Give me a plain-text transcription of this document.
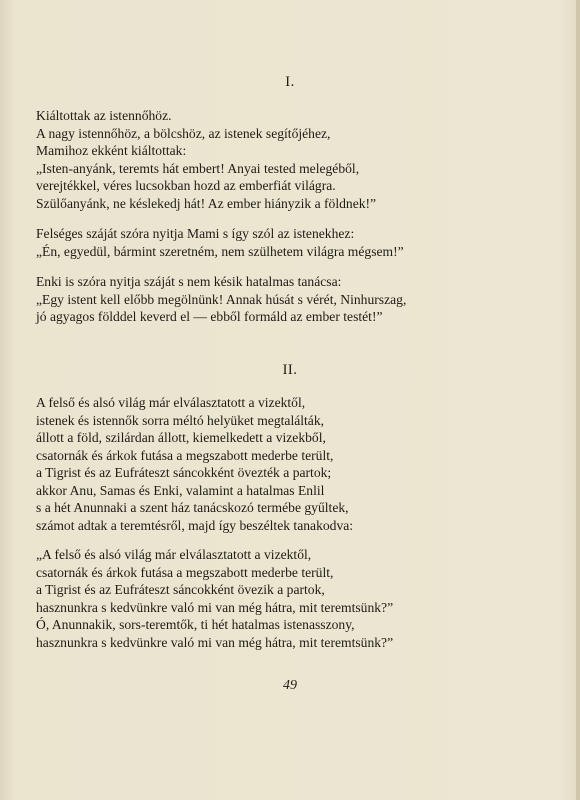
I.
Kiáltottak az istennőhöz.
A nagy istennőhöz, a bölcshöz, az istenek segítőjéhez,
Mamihoz ekként kiáltottak:
„Isten-anyánk, teremts hát embert! Anyai tested melegéből,
verejtékkel, véres lucsokban hozd az emberfiát világra.
Szülőanyánk, ne késlekedj hát! Az ember hiányzik a földnek!”
Felséges száját szóra nyitja Mami s így szól az istenekhez:
„Én, egyedül, bármint szeretném, nem szülhetem világra mégsem!”
Enki is szóra nyitja száját s nem késik hatalmas tanácsa:
„Egy istent kell előbb megölnünk! Annak húsát s vérét, Ninhurszag,
jó agyagos földdel keverd el — ebből formáld az ember testét!”
II.
A felső és alsó világ már elválasztatott a vizektől,
istenek és istennők sorra méltó helyüket megtalálták,
állott a föld, szilárdan állott, kiemelkedett a vizekből,
csatornák és árkok futása a megszabott mederbe terült,
a Tigrist és az Eufráteszt sáncokként övezték a partok;
akkor Anu, Samas és Enki, valamint a hatalmas Enlil
s a hét Anunnaki a szent ház tanácskozó termébe gyűltek,
számot adtak a teremtésről, majd így beszéltek tanakodva:
„A felső és alsó világ már elválasztatott a vizektől,
csatornák és árkok futása a megszabott mederbe terült,
a Tigrist és az Eufráteszt sáncokként övezik a partok,
hasznunkra s kedvünkre való mi van még hátra, mit teremtsünk?”
Ó, Anunnakik, sors-teremtők, ti hét hatalmas istenasszony,
hasznunkra s kedvünkre való mi van még hátra, mit teremtsünk?”
49
